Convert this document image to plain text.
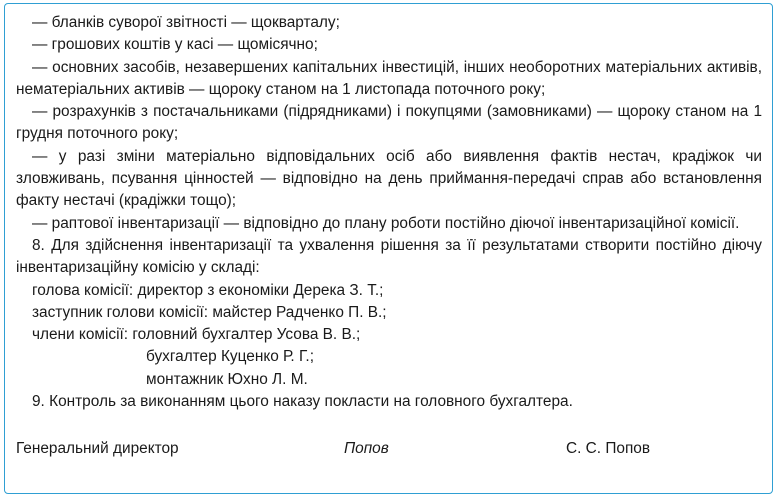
— бланків суворої звітності — щокварталу;

— грошових коштів у касі — щомісячно;

— основних засобів, незавершених капітальних інвестицій, інших необоротних матеріальних активів, нематеріальних активів — щороку станом на 1 листопада поточного року;

— розрахунків з постачальниками (підрядниками) і покупцями (замовниками) — щороку станом на 1 грудня поточного року;

— у разі зміни матеріально відповідальних осіб або виявлення фактів нестач, крадіжок чи зловживань, псування цінностей — відповідно на день приймання-передачі справ або встановлення факту нестачі (крадіжки тощо);

— раптової інвентаризації — відповідно до плану роботи постійно діючої інвентаризаційної комісії.

8. Для здійснення інвентаризації та ухвалення рішення за її результатами створити постійно діючу інвентаризаційну комісію у складі:

голова комісії: директор з економіки Дерека З. Т.;

заступник голови комісії: майстер Радченко П. В.;

члени комісії: головний бухгалтер Усова В. В.;

бухгалтер Куценко Р. Г.;

монтажник Юхно Л. М.

9. Контроль за виконанням цього наказу покласти на головного бухгалтера.

Генеральний директор	Попов	С. С. Попов
